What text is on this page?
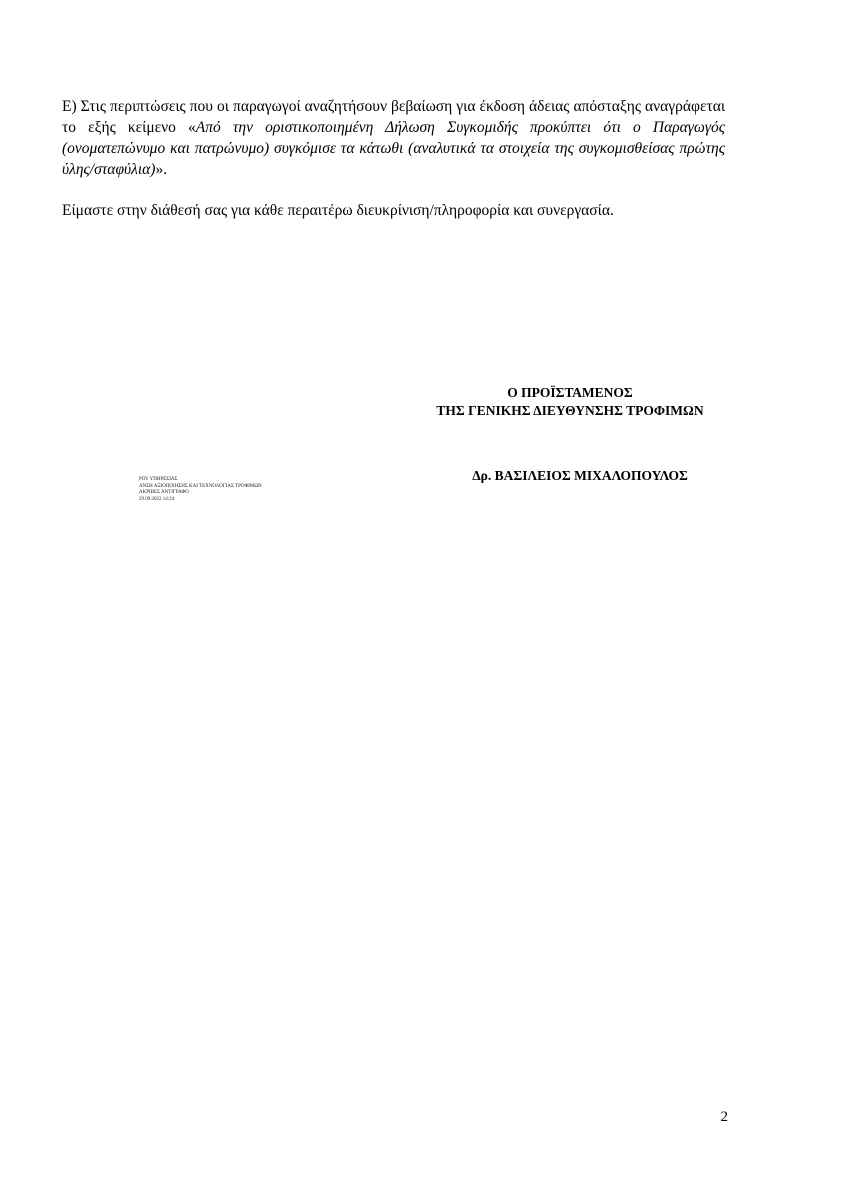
Ε) Στις περιπτώσεις που οι παραγωγοί αναζητήσουν βεβαίωση για έκδοση άδειας απόσταξης αναγράφεται το εξής κείμενο «Από την οριστικοποιημένη Δήλωση Συγκομιδής προκύπτει ότι ο Παραγωγός (ονοματεπώνυμο και πατρώνυμο) συγκόμισε τα κάτωθι (αναλυτικά τα στοιχεία της συγκομισθείσας πρώτης ύλης/σταφύλια)».

Είμαστε στην διάθεσή σας για κάθε περαιτέρω διευκρίνιση/πληροφορία και συνεργασία.

Ο ΠΡΟΪΣΤΑΜΕΝΟΣ

ΤΗΣ ΓΕΝΙΚΗΣ ΔΙΕΥΘΥΝΣΗΣ ΤΡΟΦΙΜΩΝ

Δρ. ΒΑΣΙΛΕΙΟΣ ΜΙΧΑΛΟΠΟΥΛΟΣ
ΡΟΥ ΥΠΗΡΕΣΙΑΣ
ΑΝΣΗ ΑΞΙΟΠΟΙΗΣΗΣ ΚΑΙ ΤΕΧΝΟΛΟΓΙΑΣ ΤΡΟΦΙΜΩΝ
ΑΚΡΙΒΕΣ ΑΝΤΙΓΡΑΦΟ
29.09.2022 14:24
2
